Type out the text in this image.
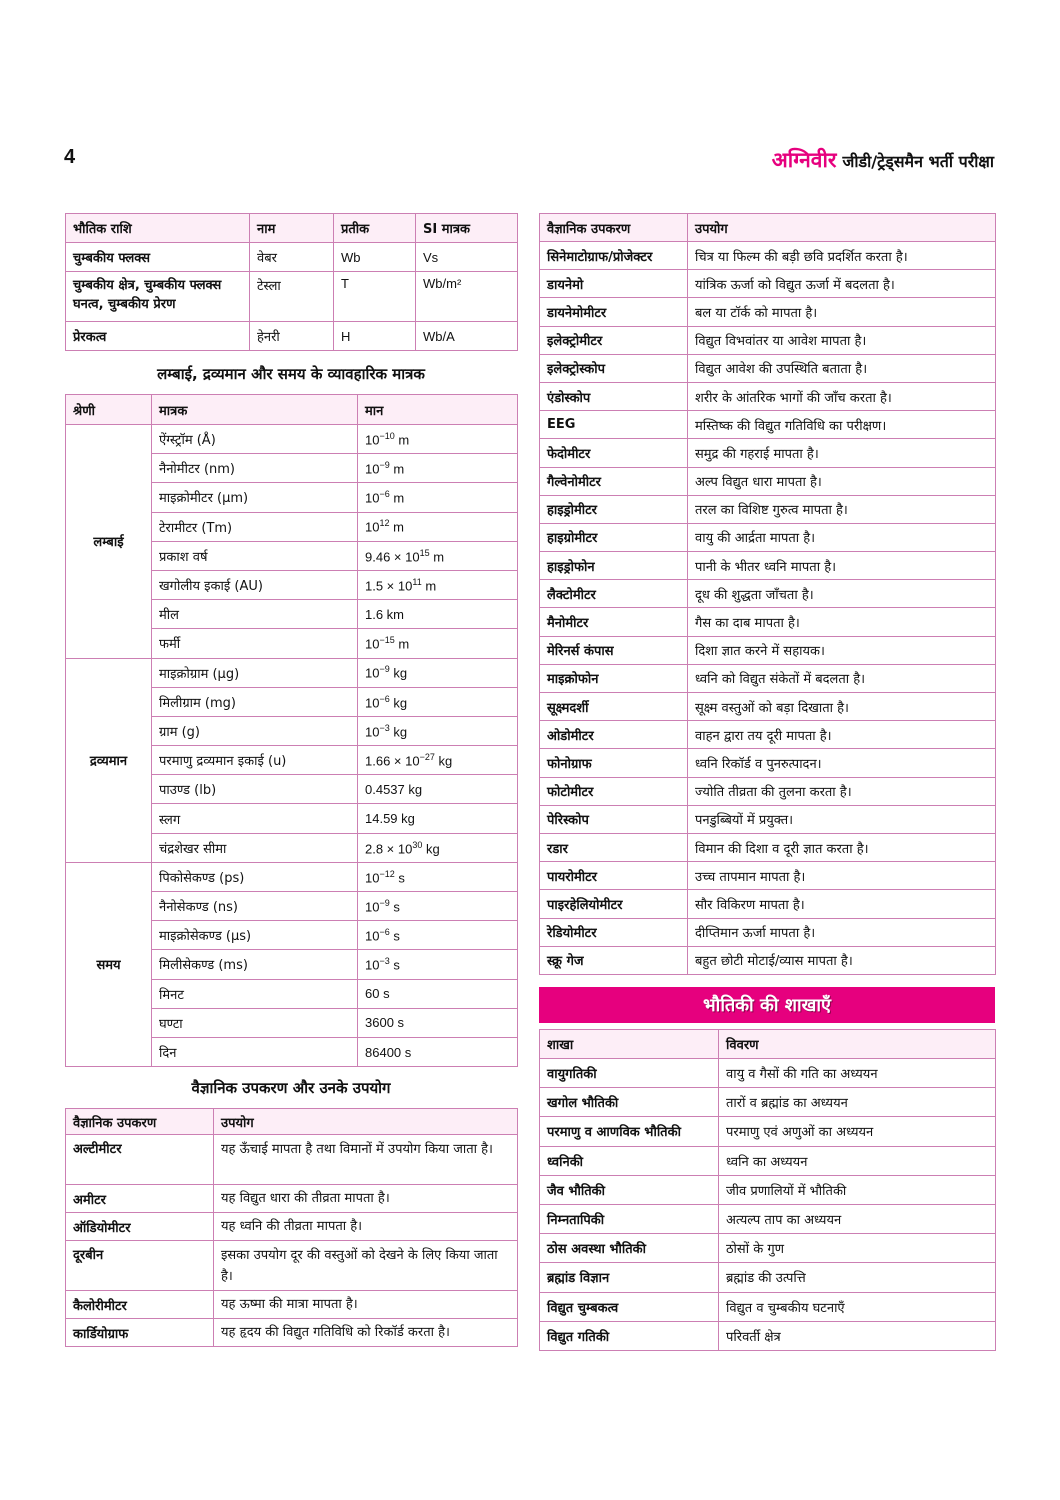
4	अग्निवीर जीडी/ट्रेड्समैन भर्ती परीक्षा
भौतिक राशि	नाम	प्रतीक	SI मात्रक
चुम्बकीय फ्लक्स	वेबर	Wb	Vs
चुम्बकीय क्षेत्र, चुम्बकीय फ्लक्स घनत्व, चुम्बकीय प्रेरण	टेस्ला	T	Wb/m²
प्रेरकत्व	हेनरी	H	Wb/A
लम्बाई, द्रव्यमान और समय के व्यावहारिक मात्रक
श्रेणी	मात्रक	मान
लम्बाई	ऐंग्स्ट्रॉम (Å)	$10^{-10}$ m
	नैनोमीटर (nm)	$10^{-9}$ m
	माइक्रोमीटर (µm)	$10^{-6}$ m
	टेरामीटर (Tm)	$10^{12}$ m
	प्रकाश वर्ष	$9.46 \times 10^{15}$ m
	खगोलीय इकाई (AU)	$1.5 \times 10^{11}$ m
	मील	1.6 km
	फर्मी	$10^{-15}$ m
द्रव्यमान	माइक्रोग्राम (µg)	$10^{-9}$ kg
	मिलीग्राम (mg)	$10^{-6}$ kg
	ग्राम (g)	$10^{-3}$ kg
	परमाणु द्रव्यमान इकाई (u)	$1.66 \times 10^{-27}$ kg
	पाउण्ड (lb)	0.4537 kg
	स्लग	14.59 kg
	चंद्रशेखर सीमा	$2.8 \times 10^{30}$ kg
समय	पिकोसेकण्ड (ps)	$10^{-12}$ s
	नैनोसेकण्ड (ns)	$10^{-9}$ s
	माइक्रोसेकण्ड (µs)	$10^{-6}$ s
	मिलीसेकण्ड (ms)	$10^{-3}$ s
	मिनट	60 s
	घण्टा	3600 s
	दिन	86400 s
वैज्ञानिक उपकरण और उनके उपयोग
वैज्ञानिक उपकरण	उपयोग
अल्टीमीटर	यह ऊँचाई मापता है तथा विमानों में उपयोग किया जाता है।
अमीटर	यह विद्युत धारा की तीव्रता मापता है।
ऑडियोमीटर	यह ध्वनि की तीव्रता मापता है।
दूरबीन	इसका उपयोग दूर की वस्तुओं को देखने के लिए किया जाता है।
कैलोरीमीटर	यह ऊष्मा की मात्रा मापता है।
कार्डियोग्राफ	यह हृदय की विद्युत गतिविधि को रिकॉर्ड करता है।
वैज्ञानिक उपकरण	उपयोग
सिनेमाटोग्राफ/प्रोजेक्टर	चित्र या फिल्म की बड़ी छवि प्रदर्शित करता है।
डायनेमो	यांत्रिक ऊर्जा को विद्युत ऊर्जा में बदलता है।
डायनेमोमीटर	बल या टॉर्क को मापता है।
इलेक्ट्रोमीटर	विद्युत विभवांतर या आवेश मापता है।
इलेक्ट्रोस्कोप	विद्युत आवेश की उपस्थिति बताता है।
एंडोस्कोप	शरीर के आंतरिक भागों की जाँच करता है।
EEG	मस्तिष्क की विद्युत गतिविधि का परीक्षण।
फेदोमीटर	समुद्र की गहराई मापता है।
गैल्वेनोमीटर	अल्प विद्युत धारा मापता है।
हाइड्रोमीटर	तरल का विशिष्ट गुरुत्व मापता है।
हाइग्रोमीटर	वायु की आर्द्रता मापता है।
हाइड्रोफोन	पानी के भीतर ध्वनि मापता है।
लैक्टोमीटर	दूध की शुद्धता जाँचता है।
मैनोमीटर	गैस का दाब मापता है।
मेरिनर्स कंपास	दिशा ज्ञात करने में सहायक।
माइक्रोफोन	ध्वनि को विद्युत संकेतों में बदलता है।
सूक्ष्मदर्शी	सूक्ष्म वस्तुओं को बड़ा दिखाता है।
ओडोमीटर	वाहन द्वारा तय दूरी मापता है।
फोनोग्राफ	ध्वनि रिकॉर्ड व पुनरुत्पादन।
फोटोमीटर	ज्योति तीव्रता की तुलना करता है।
पेरिस्कोप	पनडुब्बियों में प्रयुक्त।
रडार	विमान की दिशा व दूरी ज्ञात करता है।
पायरोमीटर	उच्च तापमान मापता है।
पाइरहेलियोमीटर	सौर विकिरण मापता है।
रेडियोमीटर	दीप्तिमान ऊर्जा मापता है।
स्क्रू गेज	बहुत छोटी मोटाई/व्यास मापता है।
भौतिकी की शाखाएँ
शाखा	विवरण
वायुगतिकी	वायु व गैसों की गति का अध्ययन
खगोल भौतिकी	तारों व ब्रह्मांड का अध्ययन
परमाणु व आणविक भौतिकी	परमाणु एवं अणुओं का अध्ययन
ध्वनिकी	ध्वनि का अध्ययन
जैव भौतिकी	जीव प्रणालियों में भौतिकी
निम्नतापिकी	अत्यल्प ताप का अध्ययन
ठोस अवस्था भौतिकी	ठोसों के गुण
ब्रह्मांड विज्ञान	ब्रह्मांड की उत्पत्ति
विद्युत चुम्बकत्व	विद्युत व चुम्बकीय घटनाएँ
विद्युत गतिकी	परिवर्ती क्षेत्र
